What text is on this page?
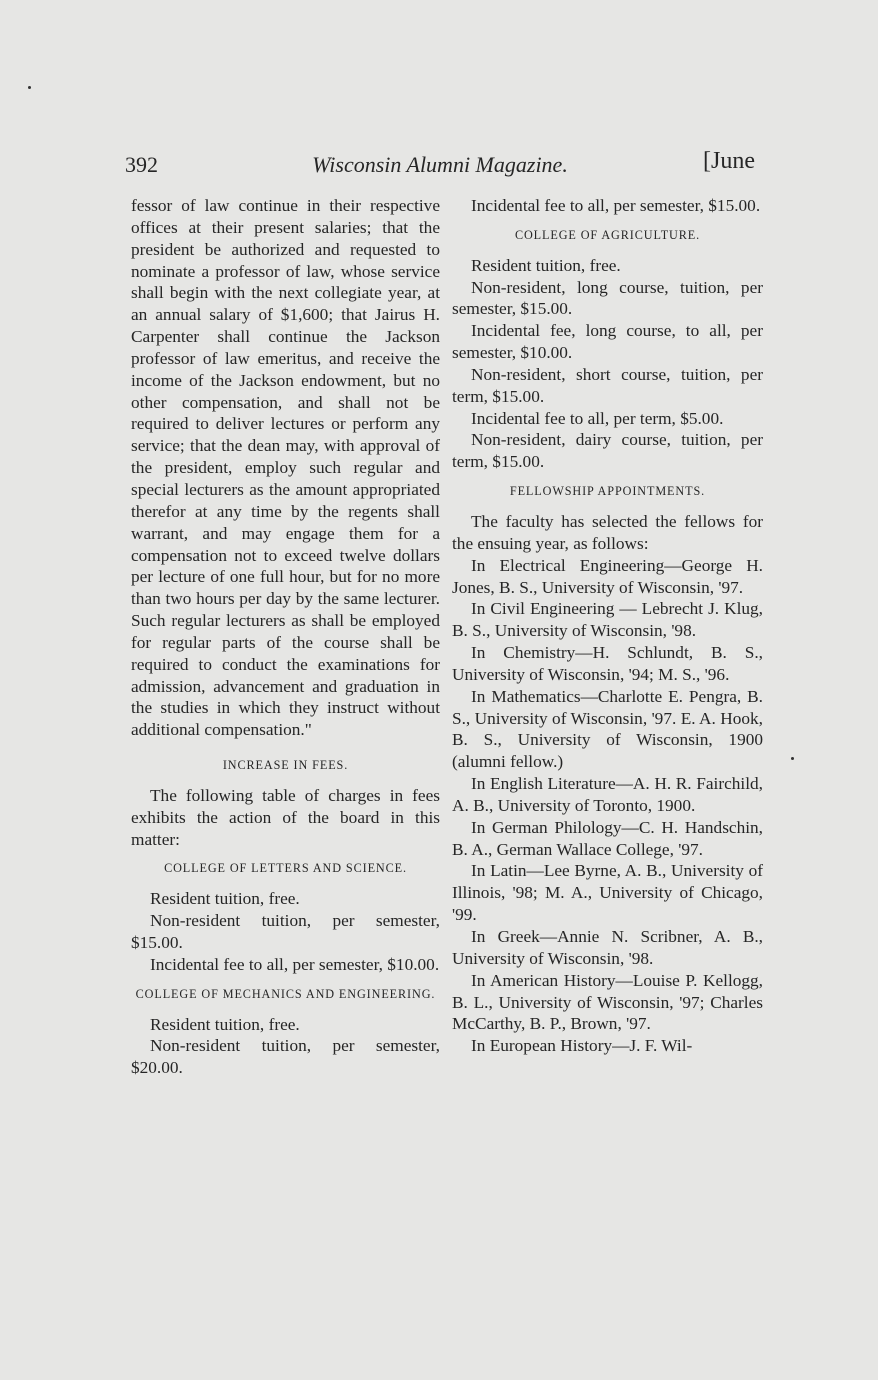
392	Wisconsin Alumni Magazine.	[June

fessor of law continue in their respective offices at their present salaries; that the president be authorized and requested to nominate a professor of law, whose service shall begin with the next collegiate year, at an annual salary of $1,600; that Jairus H. Carpenter shall continue the Jackson professor of law emeritus, and receive the income of the Jackson endowment, but no other compensation, and shall not be required to deliver lectures or perform any service; that the dean may, with approval of the president, employ such regular and special lecturers as the amount appropriated therefor at any time by the regents shall warrant, and may engage them for a compensation not to exceed twelve dollars per lecture of one full hour, but for no more than two hours per day by the same lecturer. Such regular lecturers as shall be employed for regular parts of the course shall be required to conduct the examinations for admission, advancement and graduation in the studies in which they instruct without additional compensation."

INCREASE IN FEES.

The following table of charges in fees exhibits the action of the board in this matter:

COLLEGE OF LETTERS AND SCIENCE.

Resident tuition, free.

Non-resident tuition, per semester, $15.00.

Incidental fee to all, per semester, $10.00.

COLLEGE OF MECHANICS AND ENGINEERING.

Resident tuition, free.

Non-resident tuition, per semester, $20.00.

Incidental fee to all, per semester, $15.00.

COLLEGE OF AGRICULTURE.

Resident tuition, free.

Non-resident, long course, tuition, per semester, $15.00.

Incidental fee, long course, to all, per semester, $10.00.

Non-resident, short course, tuition, per term, $15.00.

Incidental fee to all, per term, $5.00.

Non-resident, dairy course, tuition, per term, $15.00.

FELLOWSHIP APPOINTMENTS.

The faculty has selected the fellows for the ensuing year, as follows:

In Electrical Engineering—George H. Jones, B. S., University of Wisconsin, '97.

In Civil Engineering — Lebrecht J. Klug, B. S., University of Wisconsin, '98.

In Chemistry—H. Schlundt, B. S., University of Wisconsin, '94; M. S., '96.

In Mathematics—Charlotte E. Pengra, B. S., University of Wisconsin, '97. E. A. Hook, B. S., University of Wisconsin, 1900 (alumni fellow.)

In English Literature—A. H. R. Fairchild, A. B., University of Toronto, 1900.

In German Philology—C. H. Handschin, B. A., German Wallace College, '97.

In Latin—Lee Byrne, A. B., University of Illinois, '98; M. A., University of Chicago, '99.

In Greek—Annie N. Scribner, A. B., University of Wisconsin, '98.

In American History—Louise P. Kellogg, B. L., University of Wisconsin, '97; Charles McCarthy, B. P., Brown, '97.

In European History—J. F. Wil-
